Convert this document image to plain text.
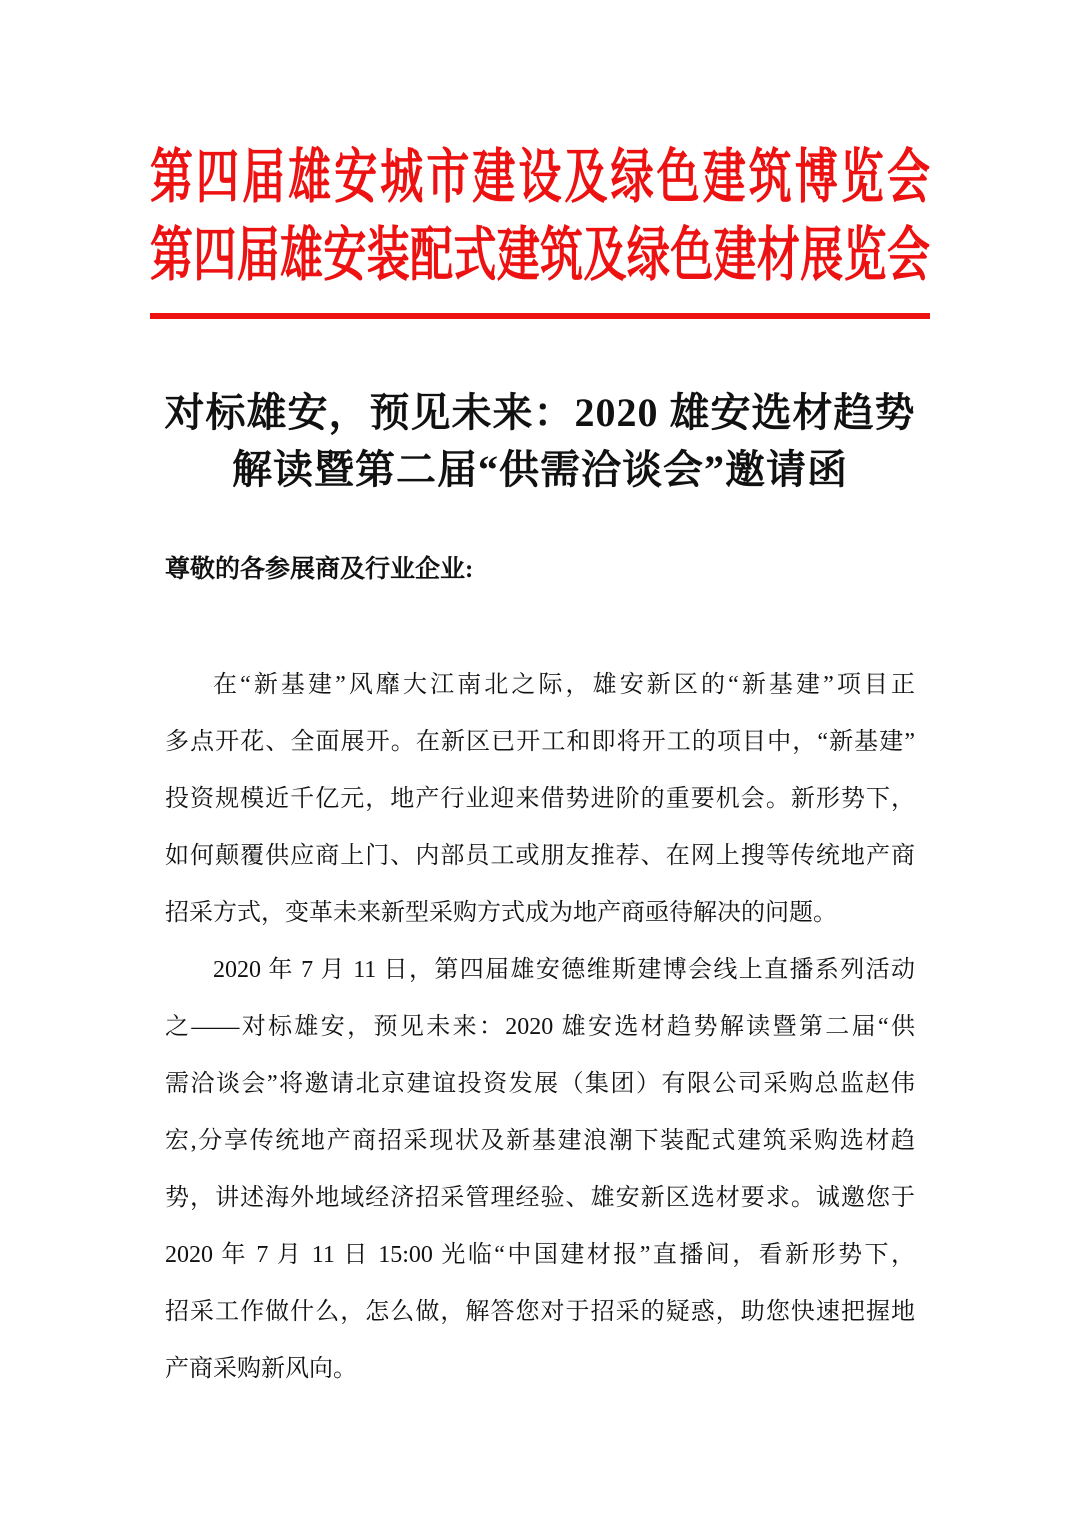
第四届雄安城市建设及绿色建筑博览会
第四届雄安装配式建筑及绿色建材展览会
对标雄安，预见未来：2020 雄安选材趋势
解读暨第二届“供需洽谈会”邀请函

尊敬的各参展商及行业企业:

在“新基建”风靡大江南北之际，雄安新区的“新基建”项目正
多点开花、全面展开。在新区已开工和即将开工的项目中，“新基建”
投资规模近千亿元，地产行业迎来借势进阶的重要机会。新形势下，
如何颠覆供应商上门、内部员工或朋友推荐、在网上搜等传统地产商
招采方式，变革未来新型采购方式成为地产商亟待解决的问题。
2020 年 7 月 11 日，第四届雄安德维斯建博会线上直播系列活动
之——对标雄安，预见未来：2020 雄安选材趋势解读暨第二届“供
需洽谈会”将邀请北京建谊投资发展（集团）有限公司采购总监赵伟
宏,分享传统地产商招采现状及新基建浪潮下装配式建筑采购选材趋
势，讲述海外地域经济招采管理经验、雄安新区选材要求。诚邀您于
2020 年 7 月 11 日 15:00 光临“中国建材报”直播间，看新形势下，
招采工作做什么，怎么做，解答您对于招采的疑惑，助您快速把握地
产商采购新风向。
